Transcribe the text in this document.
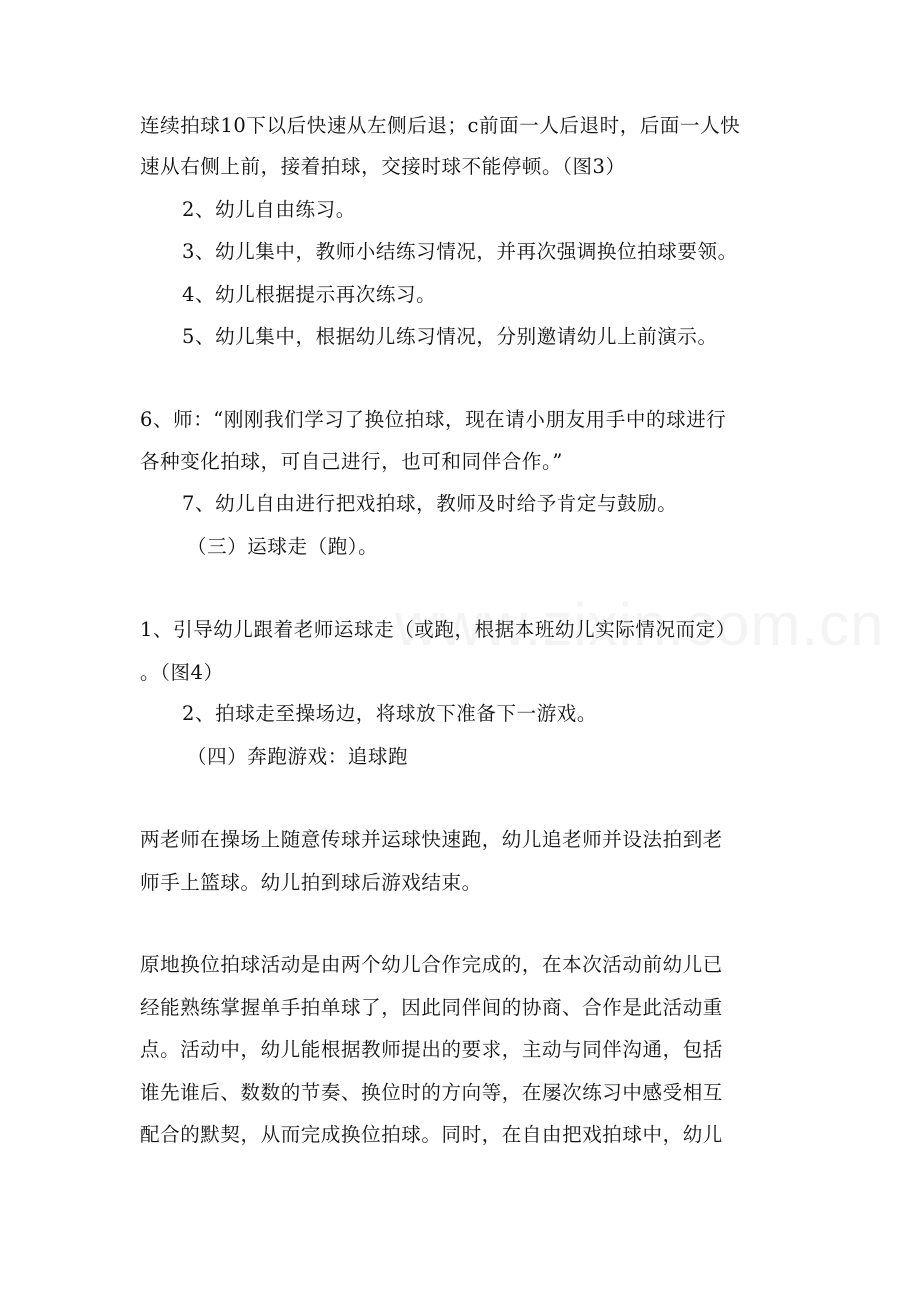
连续拍球10下以后快速从左侧后退；c前面一人后退时，后面一人快
速从右侧上前，接着拍球，交接时球不能停顿。（图3）
2、幼儿自由练习。
3、幼儿集中，教师小结练习情况，并再次强调换位拍球要领。
4、幼儿根据提示再次练习。
5、幼儿集中，根据幼儿练习情况，分别邀请幼儿上前演示。
6、师：“刚刚我们学习了换位拍球，现在请小朋友用手中的球进行
各种变化拍球，可自己进行，也可和同伴合作。”
7、幼儿自由进行把戏拍球，教师及时给予肯定与鼓励。
（三）运球走（跑）。
1、引导幼儿跟着老师运球走（或跑，根据本班幼儿实际情况而定）
。（图4）
2、拍球走至操场边，将球放下准备下一游戏。
（四）奔跑游戏：追球跑
两老师在操场上随意传球并运球快速跑，幼儿追老师并设法拍到老
师手上篮球。幼儿拍到球后游戏结束。
原地换位拍球活动是由两个幼儿合作完成的，在本次活动前幼儿已
经能熟练掌握单手拍单球了，因此同伴间的协商、合作是此活动重
点。活动中，幼儿能根据教师提出的要求，主动与同伴沟通，包括
谁先谁后、数数的节奏、换位时的方向等，在屡次练习中感受相互
配合的默契，从而完成换位拍球。同时，在自由把戏拍球中，幼儿
